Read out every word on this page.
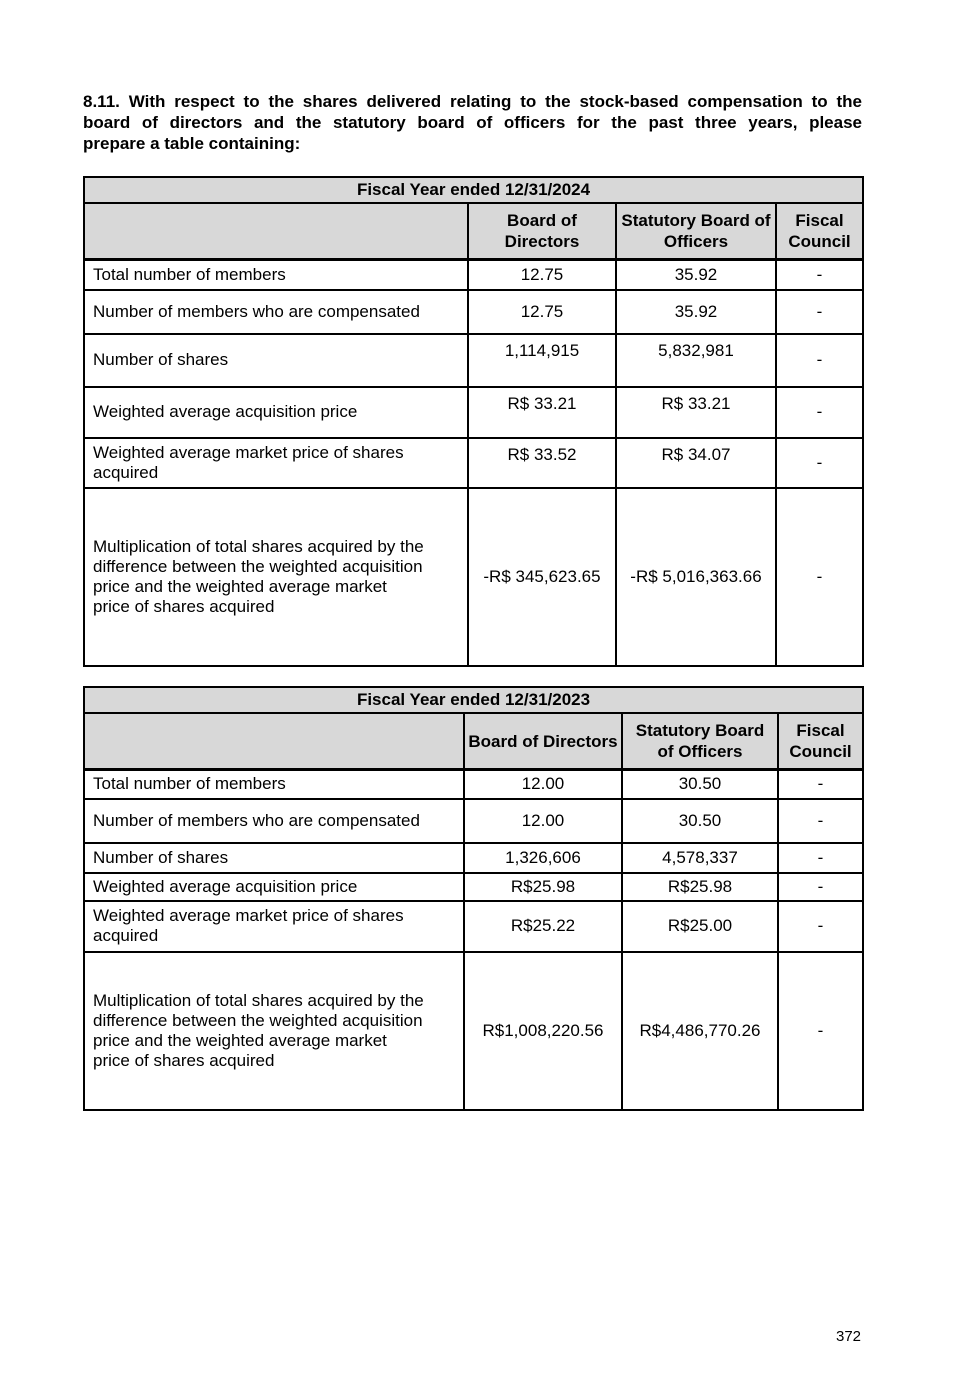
8.11. With respect to the shares delivered relating to the stock-based compensation to the
board of directors and the statutory board of officers for the past three years, please
prepare a table containing:
Fiscal Year ended 12/31/2024			
	Board of Directors	Statutory Board of Officers	Fiscal Council
Total number of members	12.75	35.92	-
Number of members who are compensated	12.75	35.92	-
Number of shares	1,114,915	5,832,981	-
Weighted average acquisition price	R$ 33.21	R$ 33.21	-
Weighted average market price of shares acquired	R$ 33.52	R$ 34.07	-
Multiplication of total shares acquired by the difference between the weighted acquisition price and the weighted average market price of shares acquired	-R$ 345,623.65	-R$ 5,016,363.66	-
Fiscal Year ended 12/31/2023			
	Board of Directors	Statutory Board of Officers	Fiscal Council
Total number of members	12.00	30.50	-
Number of members who are compensated	12.00	30.50	-
Number of shares	1,326,606	4,578,337	-
Weighted average acquisition price	R$25.98	R$25.98	-
Weighted average market price of shares acquired	R$25.22	R$25.00	-
Multiplication of total shares acquired by the difference between the weighted acquisition price and the weighted average market price of shares acquired	R$1,008,220.56	R$4,486,770.26	-
372
